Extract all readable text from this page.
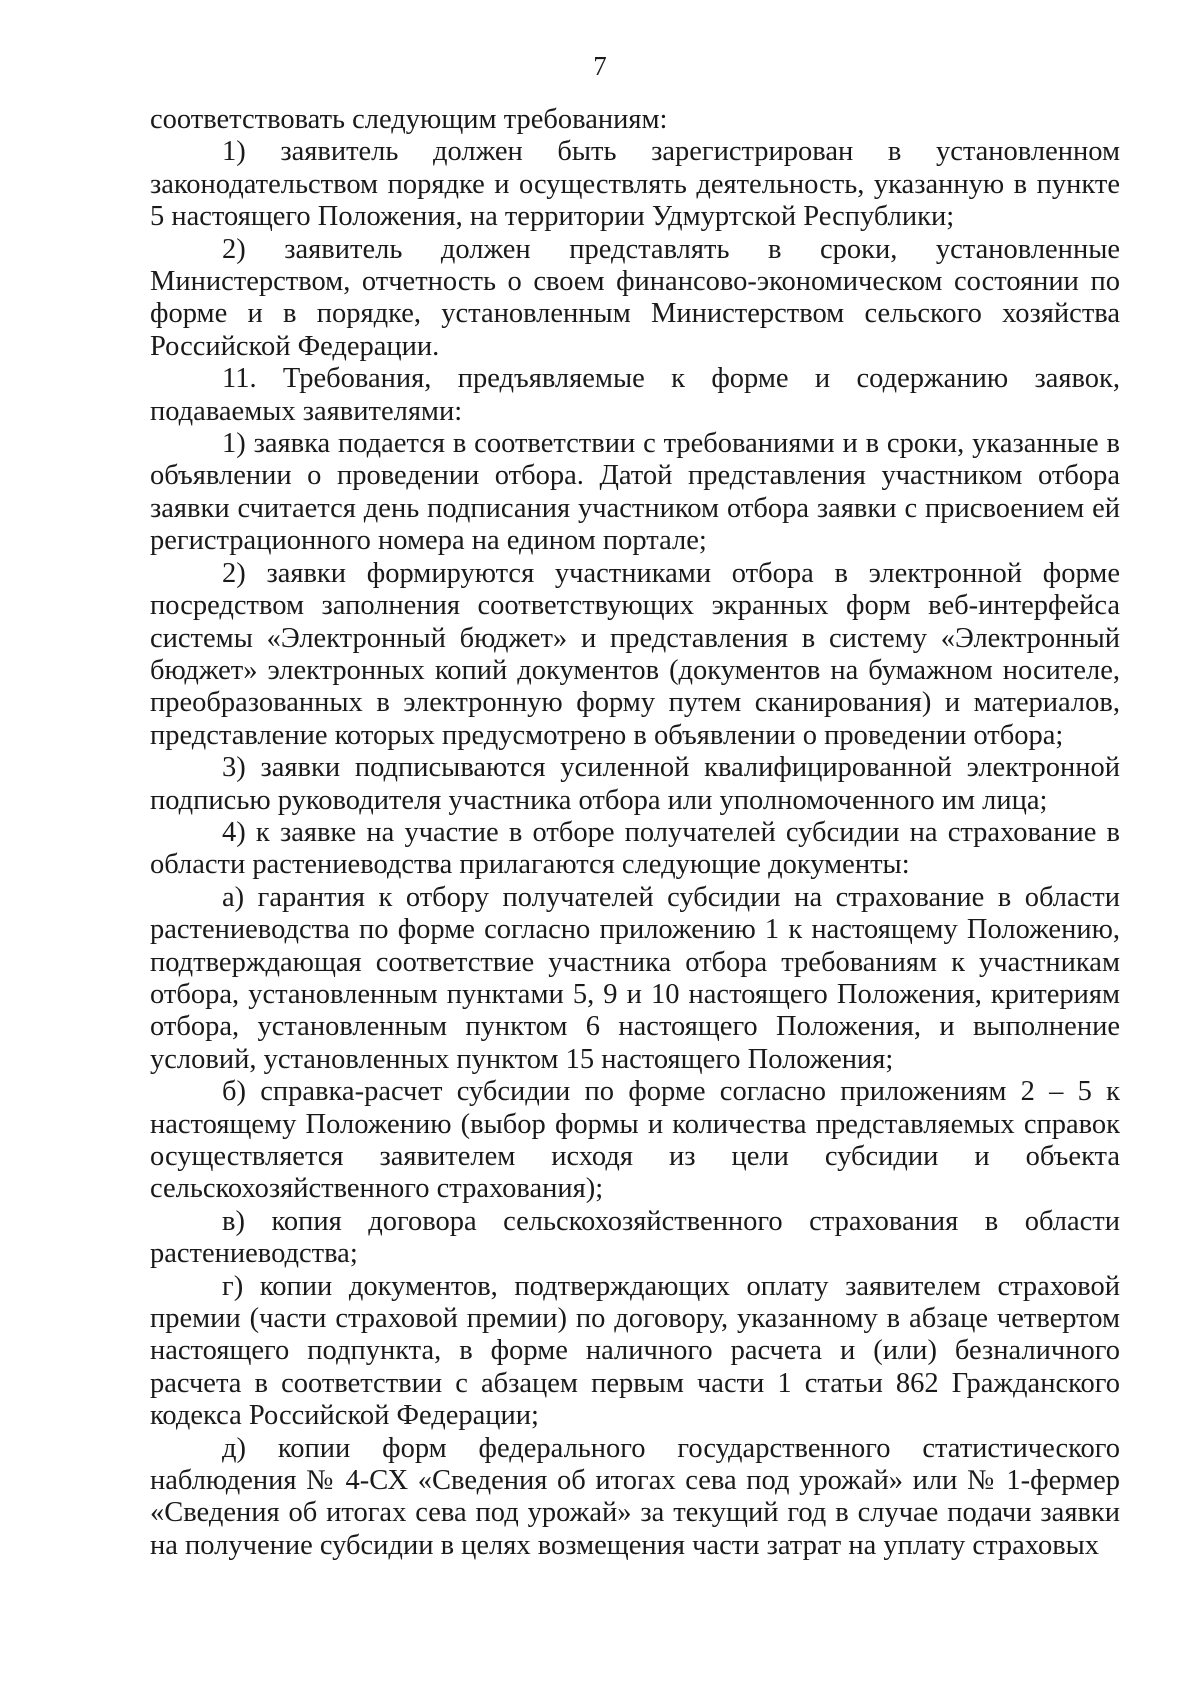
7

соответствовать следующим требованиям:

1) заявитель должен быть зарегистрирован в установленном законодательством порядке и осуществлять деятельность, указанную в пункте 5 настоящего Положения, на территории Удмуртской Республики;

2) заявитель должен представлять в сроки, установленные Министерством, отчетность о своем финансово-экономическом состоянии по форме и в порядке, установленным Министерством сельского хозяйства Российской Федерации.

11. Требования, предъявляемые к форме и содержанию заявок, подаваемых заявителями:

1) заявка подается в соответствии с требованиями и в сроки, указанные в объявлении о проведении отбора. Датой представления участником отбора заявки считается день подписания участником отбора заявки с присвоением ей регистрационного номера на едином портале;

2) заявки формируются участниками отбора в электронной форме посредством заполнения соответствующих экранных форм веб-интерфейса системы «Электронный бюджет» и представления в систему «Электронный бюджет» электронных копий документов (документов на бумажном носителе, преобразованных в электронную форму путем сканирования) и материалов, представление которых предусмотрено в объявлении о проведении отбора;

3) заявки подписываются усиленной квалифицированной электронной подписью руководителя участника отбора или уполномоченного им лица;

4) к заявке на участие в отборе получателей субсидии на страхование в области растениеводства прилагаются следующие документы:

а) гарантия к отбору получателей субсидии на страхование в области растениеводства по форме согласно приложению 1 к настоящему Положению, подтверждающая соответствие участника отбора требованиям к участникам отбора, установленным пунктами 5, 9 и 10 настоящего Положения, критериям отбора, установленным пунктом 6 настоящего Положения, и выполнение условий, установленных пунктом 15 настоящего Положения;

б) справка-расчет субсидии по форме согласно приложениям 2 – 5 к настоящему Положению (выбор формы и количества представляемых справок осуществляется заявителем исходя из цели субсидии и объекта сельскохозяйственного страхования);

в) копия договора сельскохозяйственного страхования в области растениеводства;

г) копии документов, подтверждающих оплату заявителем страховой премии (части страховой премии) по договору, указанному в абзаце четвертом настоящего подпункта, в форме наличного расчета и (или) безналичного расчета в соответствии с абзацем первым части 1 статьи 862 Гражданского кодекса Российской Федерации;

д) копии форм федерального государственного статистического наблюдения № 4-СХ «Сведения об итогах сева под урожай» или № 1-фермер «Сведения об итогах сева под урожай» за текущий год в случае подачи заявки на получение субсидии в целях возмещения части затрат на уплату страховых
